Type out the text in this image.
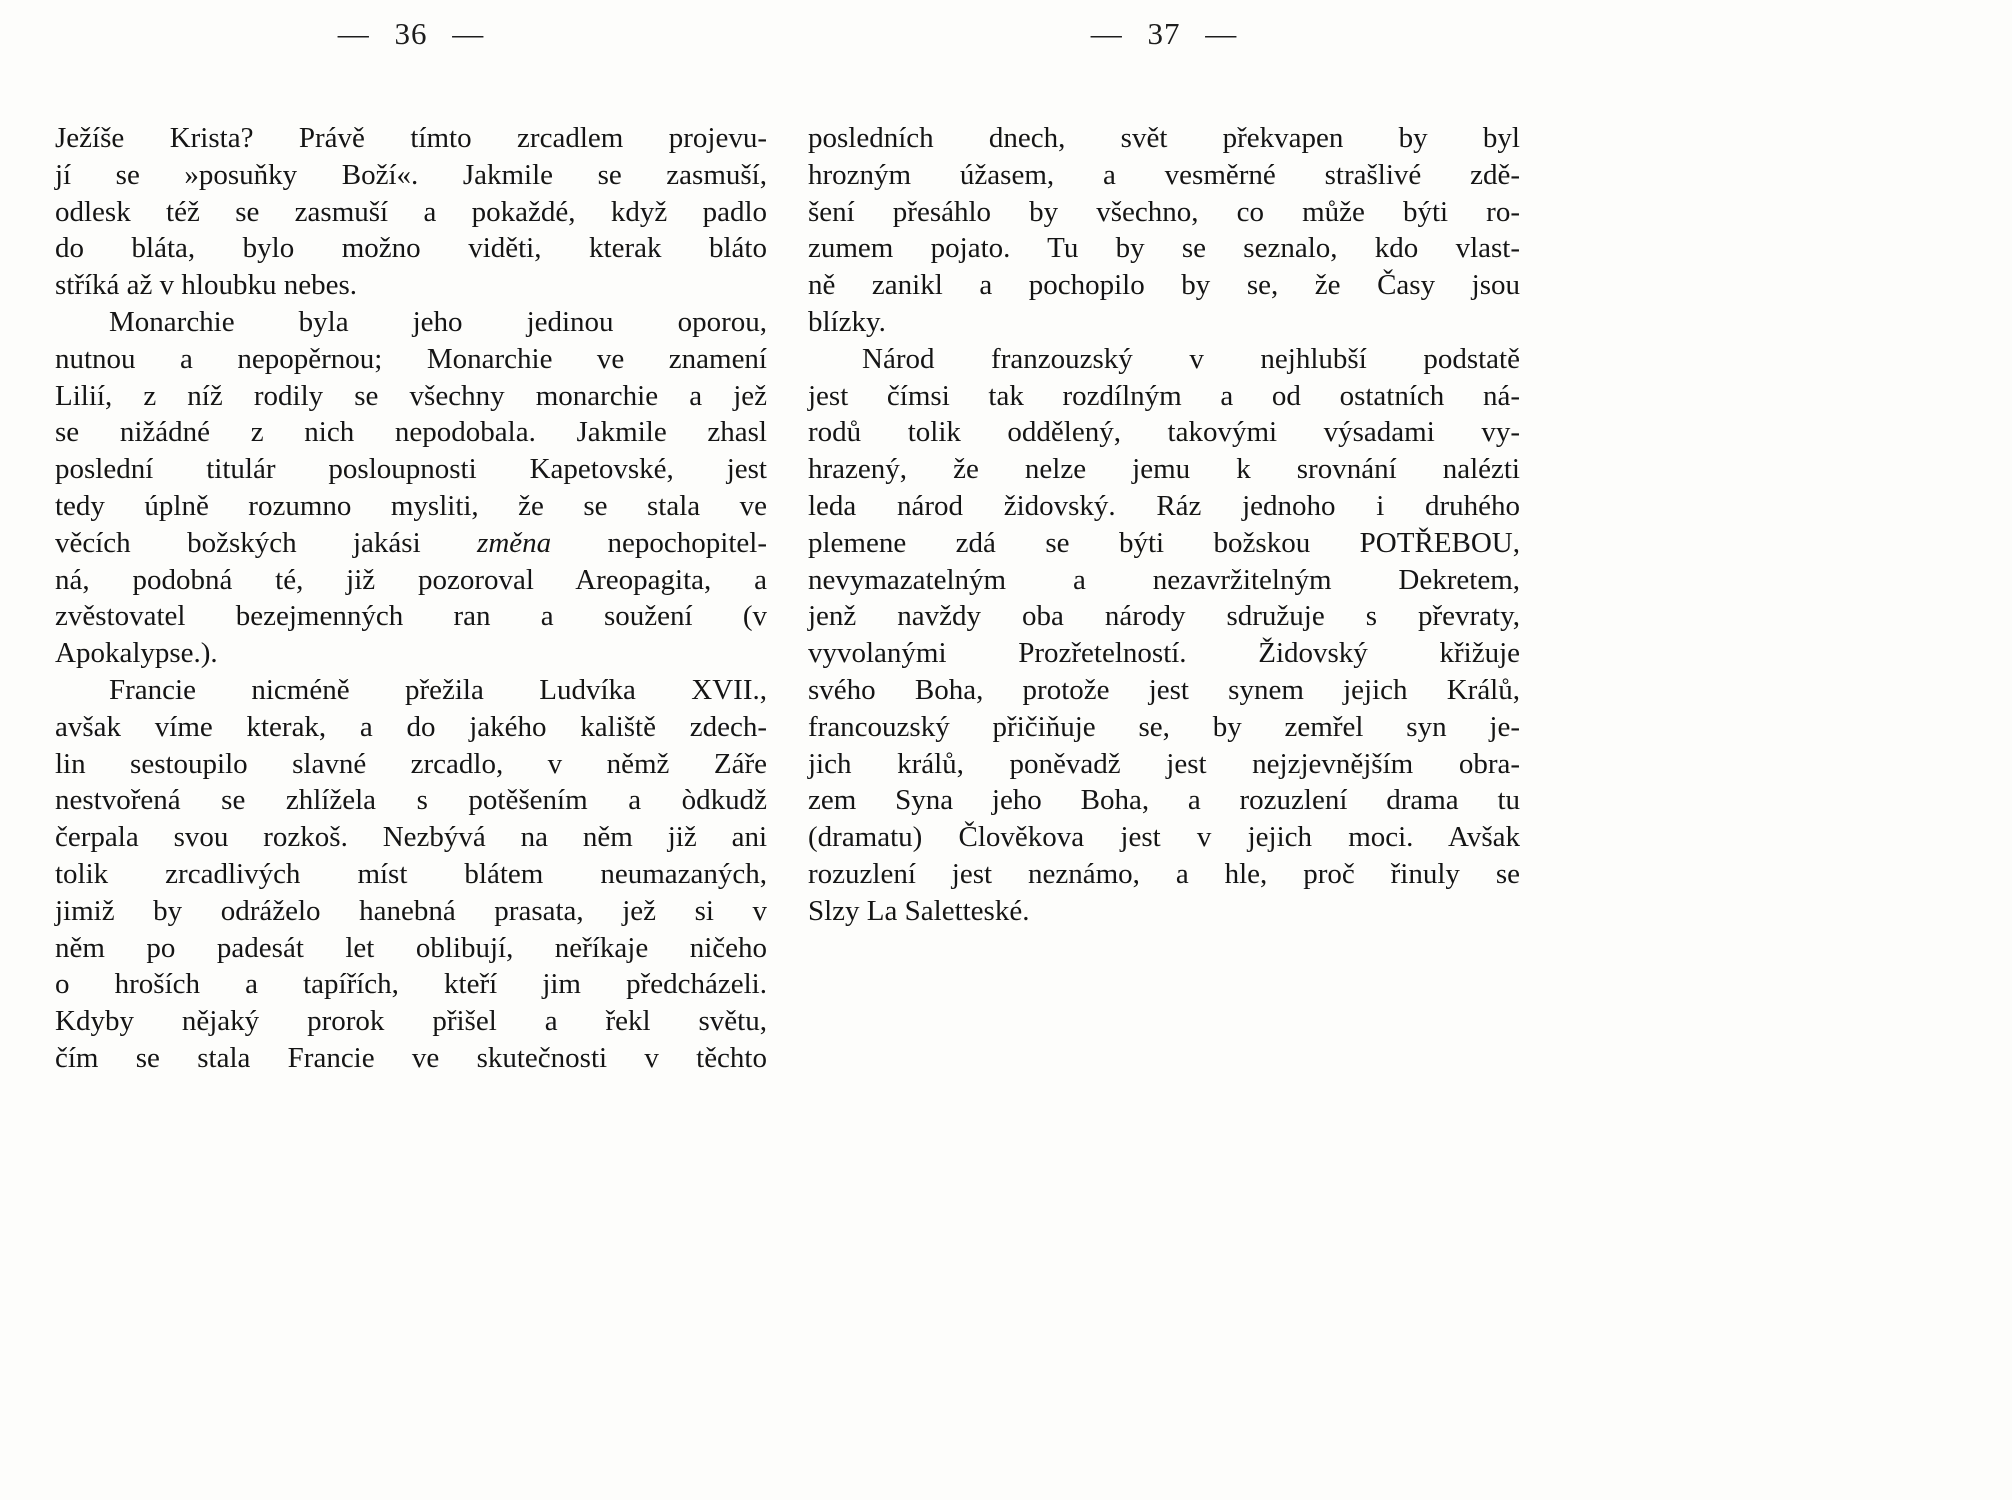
— 36 —
Ježíše Krista? Právě tímto zrcadlem projevu-
jí se »posuňky Boží«. Jakmile se zasmuší,
odlesk též se zasmuší a pokaždé, když padlo
do bláta, bylo možno viděti, kterak bláto
stříká až v hloubku nebes.
Monarchie byla jeho jedinou oporou,
nutnou a nepopěrnou; Monarchie ve znamení
Lilií, z níž rodily se všechny monarchie a jež
se nižádné z nich nepodobala. Jakmile zhasl
poslední titulár posloupnosti Kapetovské, jest
tedy úplně rozumno mysliti, že se stala ve
věcích božských jakási změna nepochopitel-
ná, podobná té, již pozoroval Areopagita, a
zvěstovatel bezejmenných ran a soužení (v
Apokalypse.).
Francie nicméně přežila Ludvíka XVII.,
avšak víme kterak, a do jakého kaliště zdech-
lin sestoupilo slavné zrcadlo, v němž Záře
nestvořená se zhlížela s potěšením a òdkudž
čerpala svou rozkoš. Nezbývá na něm již ani
tolik zrcadlivých míst blátem neumazaných,
jimiž by odráželo hanebná prasata, jež si v
něm po padesát let oblibují, neříkaje ničeho
o hroších a tapířích, kteří jim předcházeli.
Kdyby nějaký prorok přišel a řekl světu,
čím se stala Francie ve skutečnosti v těchto
— 37 —
posledních dnech, svět překvapen by byl
hrozným úžasem, a vesměrné strašlivé zdě-
šení přesáhlo by všechno, co může býti ro-
zumem pojato. Tu by se seznalo, kdo vlast-
ně zanikl a pochopilo by se, že Časy jsou
blízky.
Národ franzouzský v nejhlubší podstatě
jest čímsi tak rozdílným a od ostatních ná-
rodů tolik oddělený, takovými výsadami vy-
hrazený, že nelze jemu k srovnání nalézti
leda národ židovský. Ráz jednoho i druhého
plemene zdá se býti božskou POTŘEBOU,
nevymazatelným a nezavržitelným Dekretem,
jenž navždy oba národy sdružuje s převraty,
vyvolanými Prozřetelností. Židovský křižuje
svého Boha, protože jest synem jejich Králů,
francouzský přičiňuje se, by zemřel syn je-
jich králů, poněvadž jest nejzjevnějším obra-
zem Syna jeho Boha, a rozuzlení drama tu
(dramatu) Člověkova jest v jejich moci. Avšak
rozuzlení jest neznámo, a hle, proč řinuly se
Slzy La Saletteské.
